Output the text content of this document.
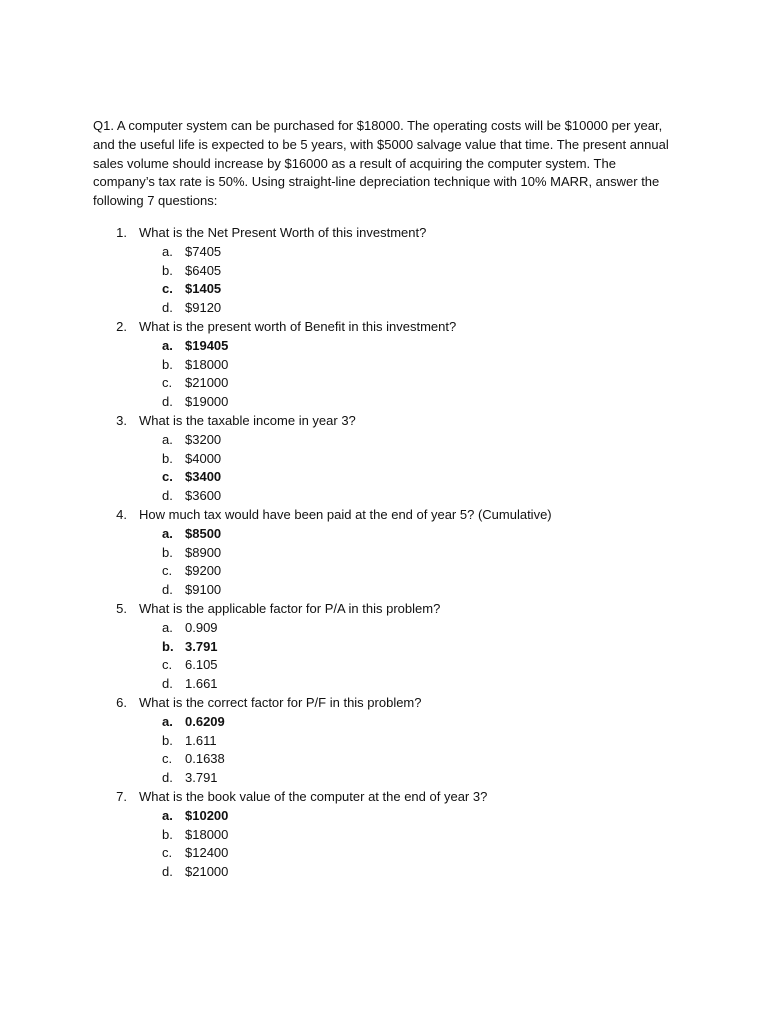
Q1. A computer system can be purchased for $18000. The operating costs will be $10000 per year, and the useful life is expected to be 5 years, with $5000 salvage value that time. The present annual sales volume should increase by $16000 as a result of acquiring the computer system. The company’s tax rate is 50%. Using straight-line depreciation technique with 10% MARR, answer the following 7 questions:

1. What is the Net Present Worth of this investment?
a. $7405
b. $6405
c. $1405
d. $9120
2. What is the present worth of Benefit in this investment?
a. $19405
b. $18000
c. $21000
d. $19000
3. What is the taxable income in year 3?
a. $3200
b. $4000
c. $3400
d. $3600
4. How much tax would have been paid at the end of year 5? (Cumulative)
a. $8500
b. $8900
c. $9200
d. $9100
5. What is the applicable factor for P/A in this problem?
a. 0.909
b. 3.791
c. 6.105
d. 1.661
6. What is the correct factor for P/F in this problem?
a. 0.6209
b. 1.611
c. 0.1638
d. 3.791
7. What is the book value of the computer at the end of year 3?
a. $10200
b. $18000
c. $12400
d. $21000
